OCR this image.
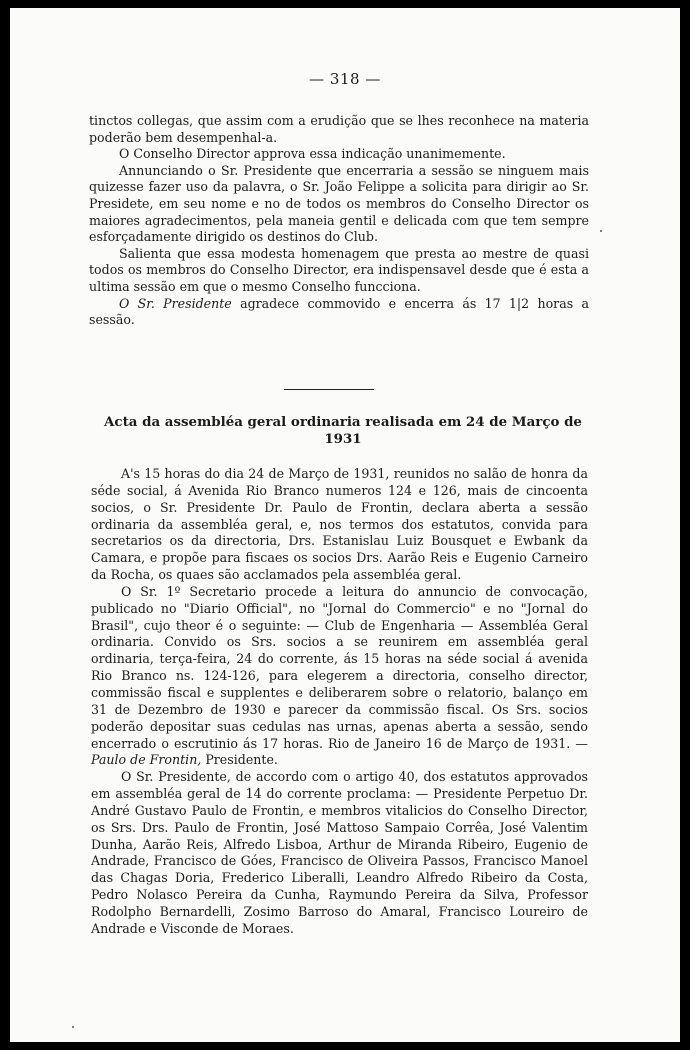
— 318 —

tinctos collegas, que assim com a erudição que se lhes reconhece na materia poderão bem desempenhal-a.

O Conselho Director approva essa indicação unanimemente.

Annunciando o Sr. Presidente que encerraria a sessão se ninguem mais quizesse fazer uso da palavra, o Sr. João Felippe a solicita para dirigir ao Sr. Presidete, em seu nome e no de todos os membros do Conselho Director os maiores agradecimentos, pela maneia gentil e delicada com que tem sempre esforçadamente dirigido os destinos do Club.

Salienta que essa modesta homenagem que presta ao mestre de quasi todos os membros do Conselho Director, era indispensavel desde que é esta a ultima sessão em que o mesmo Conselho funcciona.

O Sr. Presidente agradece commovido e encerra ás 17 1|2 horas a sessão.

Acta da assembléa geral ordinaria realisada em 24 de Março de 1931

A's 15 horas do dia 24 de Março de 1931, reunidos no salão de honra da séde social, á Avenida Rio Branco numeros 124 e 126, mais de cincoenta socios, o Sr. Presidente Dr. Paulo de Frontin, declara aberta a sessão ordinaria da assembléa geral, e, nos termos dos estatutos, convida para secretarios os da directoria, Drs. Estanislau Luiz Bousquet e Ewbank da Camara, e propõe para fiscaes os socios Drs. Aarão Reis e Eugenio Carneiro da Rocha, os quaes são acclamados pela assembléa geral.

O Sr. 1º Secretario procede a leitura do annuncio de convocação, publicado no "Diario Official", no "Jornal do Commercio" e no "Jornal do Brasil", cujo theor é o seguinte: — Club de Engenharia — Assembléa Geral ordinaria. Convido os Srs. socios a se reunirem em assembléa geral ordinaria, terça-feira, 24 do corrente, ás 15 horas na séde social á avenida Rio Branco ns. 124-126, para elegerem a directoria, conselho director, commissão fiscal e supplentes e deliberarem sobre o relatorio, balanço em 31 de Dezembro de 1930 e parecer da commissão fiscal. Os Srs. socios poderão depositar suas cedulas nas urnas, apenas aberta a sessão, sendo encerrado o escrutinio ás 17 horas. Rio de Janeiro 16 de Março de 1931. — Paulo de Frontin, Presidente.

O Sr. Presidente, de accordo com o artigo 40, dos estatutos approvados em assembléa geral de 14 do corrente proclama: — Presidente Perpetuo Dr. André Gustavo Paulo de Frontin, e membros vitalicios do Conselho Director, os Srs. Drs. Paulo de Frontin, José Mattoso Sampaio Corrêa, José Valentim Dunha, Aarão Reis, Alfredo Lisboa, Arthur de Miranda Ribeiro, Eugenio de Andrade, Francisco de Góes, Francisco de Oliveira Passos, Francisco Manoel das Chagas Doria, Frederico Liberalli, Leandro Alfredo Ribeiro da Costa, Pedro Nolasco Pereira da Cunha, Raymundo Pereira da Silva, Professor Rodolpho Bernardelli, Zosimo Barroso do Amaral, Francisco Loureiro de Andrade e Visconde de Moraes.
